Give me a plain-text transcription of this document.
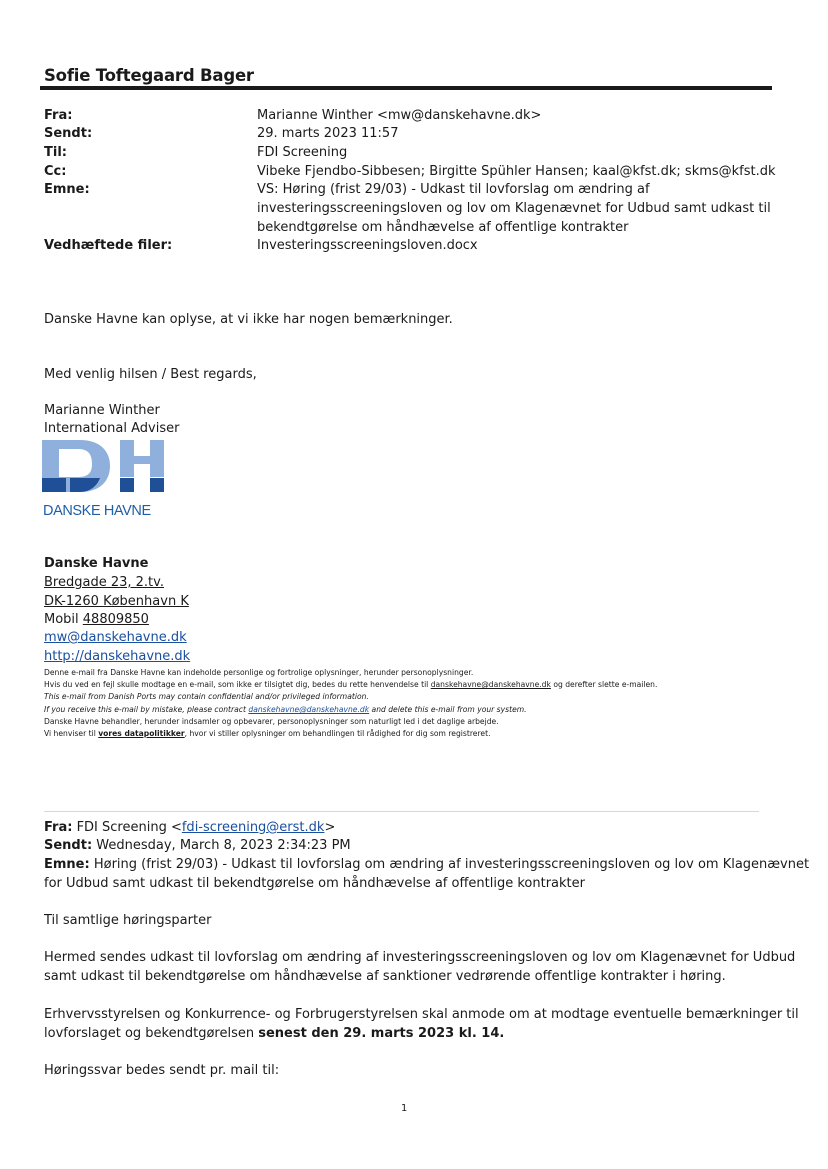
Sofie Toftegaard Bager
Fra:	Marianne Winther <mw@danskehavne.dk>
Sendt:	29. marts 2023 11:57
Til:	FDI Screening
Cc:	Vibeke Fjendbo-Sibbesen; Birgitte Spühler Hansen; kaal@kfst.dk; skms@kfst.dk
Emne:	VS: Høring (frist 29/03) - Udkast til lovforslag om ændring af
investeringsscreeningsloven og lov om Klagenævnet for Udbud samt udkast til
bekendtgørelse om håndhævelse af offentlige kontrakter
Vedhæftede filer:	Investeringsscreeningsloven.docx
Danske Havne kan oplyse, at vi ikke har nogen bemærkninger.
Med venlig hilsen / Best regards,
Marianne Winther
International Adviser
DANSKE HAVNE
Danske Havne
Bredgade 23, 2.tv.
DK-1260 København K
Mobil 48809850
mw@danskehavne.dk
http://danskehavne.dk
Denne e-mail fra Danske Havne kan indeholde personlige og fortrolige oplysninger, herunder personoplysninger.
Hvis du ved en fejl skulle modtage en e-mail, som ikke er tilsigtet dig, bedes du rette henvendelse til danskehavne@danskehavne.dk og derefter slette e-mailen.
This e-mail from Danish Ports may contain confidential and/or privileged information.
If you receive this e-mail by mistake, please contract danskehavne@danskehavne.dk and delete this e-mail from your system.
Danske Havne behandler, herunder indsamler og opbevarer, personoplysninger som naturligt led i det daglige arbejde.
Vi henviser til vores datapolitikker, hvor vi stiller oplysninger om behandlingen til rådighed for dig som registreret.
Fra: FDI Screening <fdi-screening@erst.dk>
Sendt: Wednesday, March 8, 2023 2:34:23 PM
Emne: Høring (frist 29/03) - Udkast til lovforslag om ændring af investeringsscreeningsloven og lov om Klagenævnet
for Udbud samt udkast til bekendtgørelse om håndhævelse af offentlige kontrakter
Til samtlige høringsparter
Hermed sendes udkast til lovforslag om ændring af investeringsscreeningsloven og lov om Klagenævnet for Udbud
samt udkast til bekendtgørelse om håndhævelse af sanktioner vedrørende offentlige kontrakter i høring.
Erhvervsstyrelsen og Konkurrence- og Forbrugerstyrelsen skal anmode om at modtage eventuelle bemærkninger til
lovforslaget og bekendtgørelsen senest den 29. marts 2023 kl. 14.
Høringssvar bedes sendt pr. mail til:
1
